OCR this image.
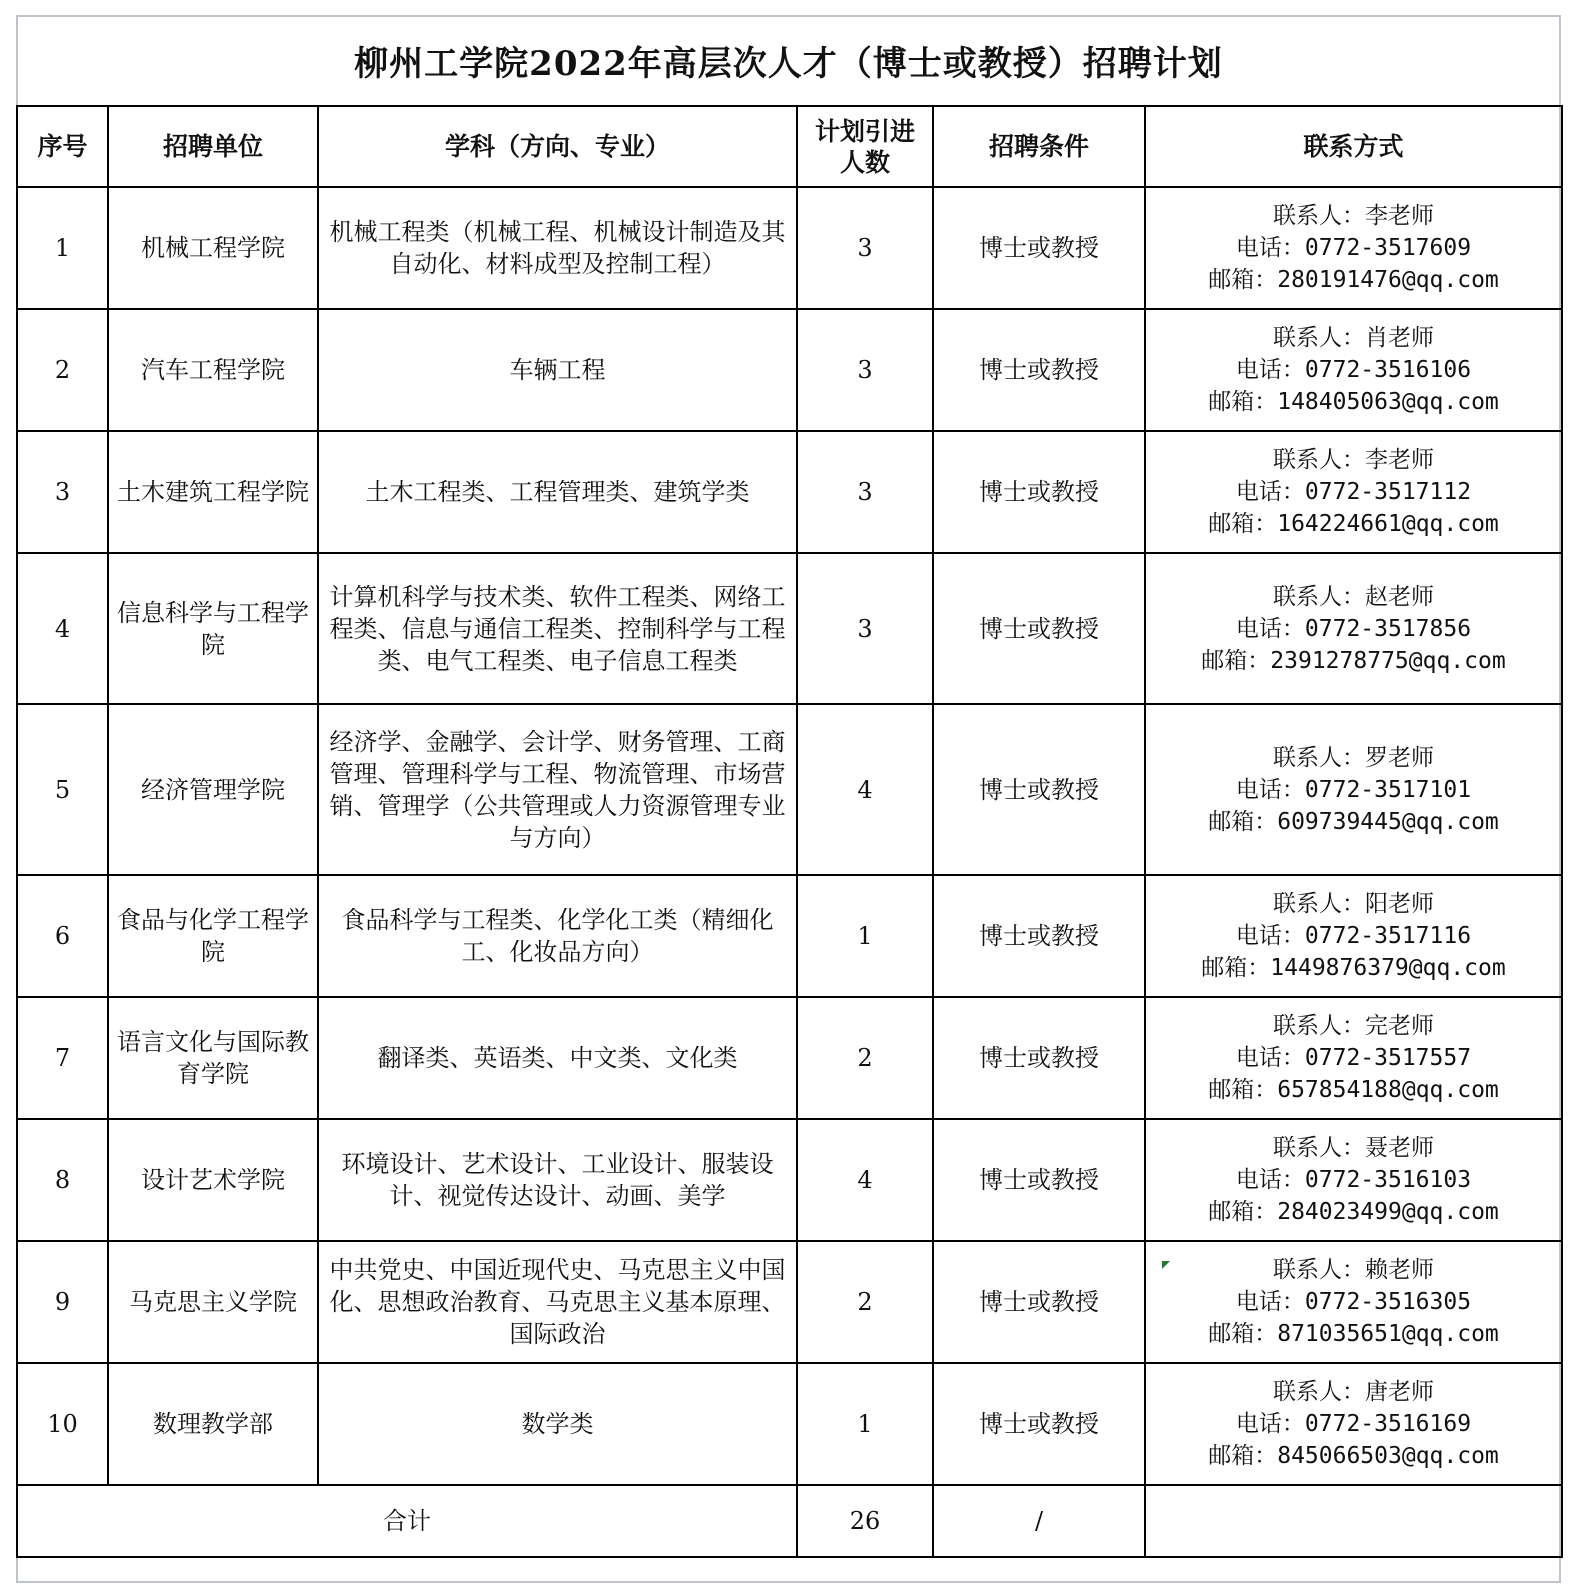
柳州工学院2022年高层次人才（博士或教授）招聘计划
序号	招聘单位	学科（方向、专业）	计划引进人数	招聘条件	联系方式
1	机械工程学院	机械工程类（机械工程、机械设计制造及其自动化、材料成型及控制工程）	3	博士或教授	联系人：李老师
电话：0772-3517609
邮箱：280191476@qq.com

2	汽车工程学院	车辆工程	3	博士或教授	联系人：肖老师
电话：0772-3516106
邮箱：148405063@qq.com

3	土木建筑工程学院	土木工程类、工程管理类、建筑学类	3	博士或教授	联系人：李老师
电话：0772-3517112
邮箱：164224661@qq.com

4	信息科学与工程学院	计算机科学与技术类、软件工程类、网络工程类、信息与通信工程类、控制科学与工程类、电气工程类、电子信息工程类	3	博士或教授	联系人：赵老师
电话：0772-3517856
邮箱：2391278775@qq.com

5	经济管理学院	经济学、金融学、会计学、财务管理、工商管理、管理科学与工程、物流管理、市场营销、管理学（公共管理或人力资源管理专业与方向）	4	博士或教授	联系人：罗老师
电话：0772-3517101
邮箱：609739445@qq.com

6	食品与化学工程学院	食品科学与工程类、化学化工类（精细化工、化妆品方向）	1	博士或教授	联系人：阳老师
电话：0772-3517116
邮箱：1449876379@qq.com

7	语言文化与国际教育学院	翻译类、英语类、中文类、文化类	2	博士或教授	联系人：完老师
电话：0772-3517557
邮箱：657854188@qq.com

8	设计艺术学院	环境设计、艺术设计、工业设计、服装设计、视觉传达设计、动画、美学	4	博士或教授	联系人：聂老师
电话：0772-3516103
邮箱：284023499@qq.com

9	马克思主义学院	中共党史、中国近现代史、马克思主义中国化、思想政治教育、马克思主义基本原理、国际政治	2	博士或教授	联系人：赖老师
电话：0772-3516305
邮箱：871035651@qq.com

10	数理教学部	数学类	1	博士或教授	联系人：唐老师
电话：0772-3516169
邮箱：845066503@qq.com

合计			26	/	
